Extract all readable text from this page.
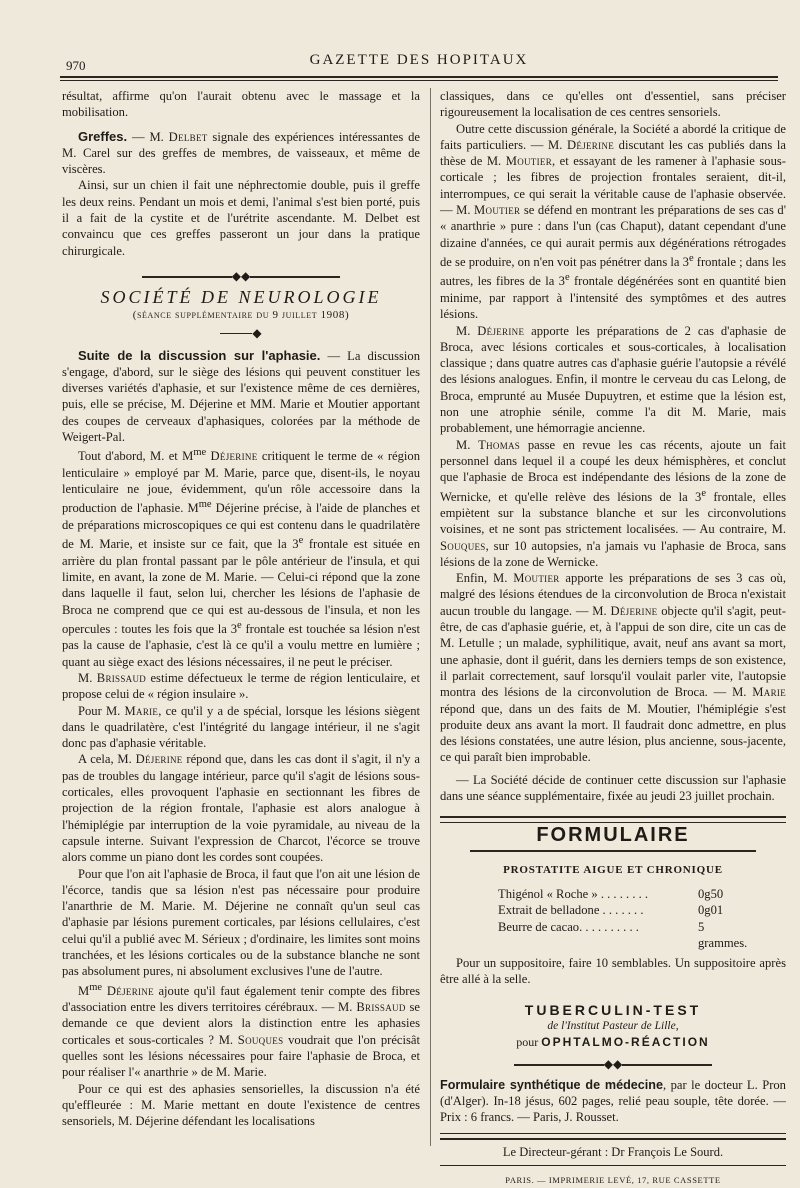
970	GAZETTE DES HOPITAUX

résultat, affirme qu'on l'aurait obtenu avec le massage et la mobilisation.

Greffes. — M. Delbet signale des expériences intéressantes de M. Carel sur des greffes de membres, de vaisseaux, et même de viscères.

Ainsi, sur un chien il fait une néphrectomie double, puis il greffe les deux reins. Pendant un mois et demi, l'animal s'est bien porté, puis il a fait de la cystite et de l'urétrite ascendante. M. Delbet est convaincu que ces greffes passeront un jour dans la pratique chirurgicale.

◆◆
SOCIÉTÉ DE NEUROLOGIE
(séance supplémentaire du 9 juillet 1908)
◆

Suite de la discussion sur l'aphasie. — La discussion s'engage, d'abord, sur le siège des lésions qui peuvent constituer les diverses variétés d'aphasie, et sur l'existence même de ces dernières, puis, elle se précise, M. Déjerine et MM. Marie et Moutier apportant des coupes de cerveaux d'aphasiques, colorées par la méthode de Weigert-Pal.

Tout d'abord, M. et $M^{me}$ Déjerine critiquent le terme de « région lenticulaire » employé par M. Marie, parce que, disent-ils, le noyau lenticulaire ne joue, évidemment, qu'un rôle accessoire dans la production de l'aphasie. $M^{me}$ Déjerine précise, à l'aide de planches et de préparations microscopiques ce qui est contenu dans le quadrilatère de M. Marie, et insiste sur ce fait, que la 3e frontale est située en arrière du plan frontal passant par le pôle antérieur de l'insula, et qui limite, en avant, la zone de M. Marie. — Celui-ci répond que la zone dans laquelle il faut, selon lui, chercher les lésions de l'aphasie de Broca ne comprend que ce qui est au-dessous de l'insula, et non les opercules : toutes les fois que la 3e frontale est touchée sa lésion n'est pas la cause de l'aphasie, c'est là ce qu'il a voulu mettre en lumière ; quant au siège exact des lésions nécessaires, il ne peut le préciser.

M. Brissaud estime défectueux le terme de région lenticulaire, et propose celui de « région insulaire ».

Pour M. Marie, ce qu'il y a de spécial, lorsque les lésions siègent dans le quadrilatère, c'est l'intégrité du langage intérieur, il ne s'agit donc pas d'aphasie véritable.

A cela, M. Déjerine répond que, dans les cas dont il s'agit, il n'y a pas de troubles du langage intérieur, parce qu'il s'agit de lésions sous-corticales, elles provoquent l'aphasie en sectionnant les fibres de projection de la région frontale, l'aphasie est alors analogue à l'hémiplégie par interruption de la voie pyramidale, au niveau de la capsule interne. Suivant l'expression de Charcot, l'écorce se trouve alors comme un piano dont les cordes sont coupées.

Pour que l'on ait l'aphasie de Broca, il faut que l'on ait une lésion de l'écorce, tandis que sa lésion n'est pas nécessaire pour produire l'anarthrie de M. Marie. M. Déjerine ne connaît qu'un seul cas d'aphasie par lésions purement corticales, par lésions cellulaires, c'est celui qu'il a publié avec M. Sérieux ; d'ordinaire, les limites sont moins tranchées, et les lésions corticales ou de la substance blanche ne sont pas absolument pures, ni absolument exclusives l'une de l'autre.

$M^{me}$ Déjerine ajoute qu'il faut également tenir compte des fibres d'association entre les divers territoires cérébraux. — M. Brissaud se demande ce que devient alors la distinction entre les aphasies corticales et sous-corticales ? M. Souques voudrait que l'on précisât quelles sont les lésions nécessaires pour faire l'aphasie de Broca, et pour réaliser l'« anarthrie » de M. Marie.

Pour ce qui est des aphasies sensorielles, la discussion n'a été qu'effleurée : M. Marie mettant en doute l'existence de centres sensoriels, M. Déjerine défendant les localisations

classiques, dans ce qu'elles ont d'essentiel, sans préciser rigoureusement la localisation de ces centres sensoriels.

Outre cette discussion générale, la Société a abordé la critique de faits particuliers. — M. Déjerine discutant les cas publiés dans la thèse de M. Moutier, et essayant de les ramener à l'aphasie sous-corticale ; les fibres de projection frontales seraient, dit-il, interrompues, ce qui serait la véritable cause de l'aphasie observée. — M. Moutier se défend en montrant les préparations de ses cas d' « anarthrie » pure : dans l'un (cas Chaput), datant cependant d'une dizaine d'années, ce qui aurait permis aux dégénérations rétrogades de se produire, on n'en voit pas pénétrer dans la 3e frontale ; dans les autres, les fibres de la 3e frontale dégénérées sont en quantité bien minime, par rapport à l'intensité des symptômes et des autres lésions.

M. Déjerine apporte les préparations de 2 cas d'aphasie de Broca, avec lésions corticales et sous-corticales, à localisation classique ; dans quatre autres cas d'aphasie guérie l'autopsie a révélé des lésions analogues. Enfin, il montre le cerveau du cas Lelong, de Broca, emprunté au Musée Dupuytren, et estime que la lésion est, non une atrophie sénile, comme l'a dit M. Marie, mais probablement, une hémorragie ancienne.

M. Thomas passe en revue les cas récents, ajoute un fait personnel dans lequel il a coupé les deux hémisphères, et conclut que l'aphasie de Broca est indépendante des lésions de la zone de Wernicke, et qu'elle relève des lésions de la 3e frontale, elles empiètent sur la substance blanche et sur les circonvolutions voisines, et ne sont pas strictement localisées. — Au contraire, M. Souques, sur 10 autopsies, n'a jamais vu l'aphasie de Broca, sans lésions de la zone de Wernicke.

Enfin, M. Moutier apporte les préparations de ses 3 cas où, malgré des lésions étendues de la circonvolution de Broca n'existait aucun trouble du langage. — M. Déjerine objecte qu'il s'agit, peut-être, de cas d'aphasie guérie, et, à l'appui de son dire, cite un cas de M. Letulle ; un malade, syphilitique, avait, neuf ans avant sa mort, une aphasie, dont il guérit, dans les derniers temps de son existence, il parlait correctement, sauf lorsqu'il voulait parler vite, l'autopsie montra des lésions de la circonvolution de Broca. — M. Marie répond que, dans un des faits de M. Moutier, l'hémiplégie s'est produite deux ans avant la mort. Il faudrait donc admettre, en plus des lésions constatées, une autre lésion, plus ancienne, sous-jacente, ce qui paraît bien improbable.

— La Société décide de continuer cette discussion sur l'aphasie dans une séance supplémentaire, fixée au jeudi 23 juillet prochain.

FORMULAIRE
PROSTATITE AIGUE ET CHRONIQUE
Thigénol « Roche » . . . . . . . .	0g50
Extrait de belladone . . . . . . .	0g01
Beurre de cacao. . . . . . . . . .	5 grammes.

Pour un suppositoire, faire 10 semblables. Un suppositoire après être allé à la selle.

TUBERCULIN-TEST
de l'Institut Pasteur de Lille,
pour OPHTALMO-RÉACTION
◆◆

Formulaire synthétique de médecine, par le docteur L. Pron (d'Alger). In-18 jésus, 602 pages, relié peau souple, tête dorée. — Prix : 6 francs. — Paris, J. Rousset.

Le Directeur-gérant : Dr François Le Sourd.
PARIS. — IMPRIMERIE LEVÉ, 17, RUE CASSETTE
